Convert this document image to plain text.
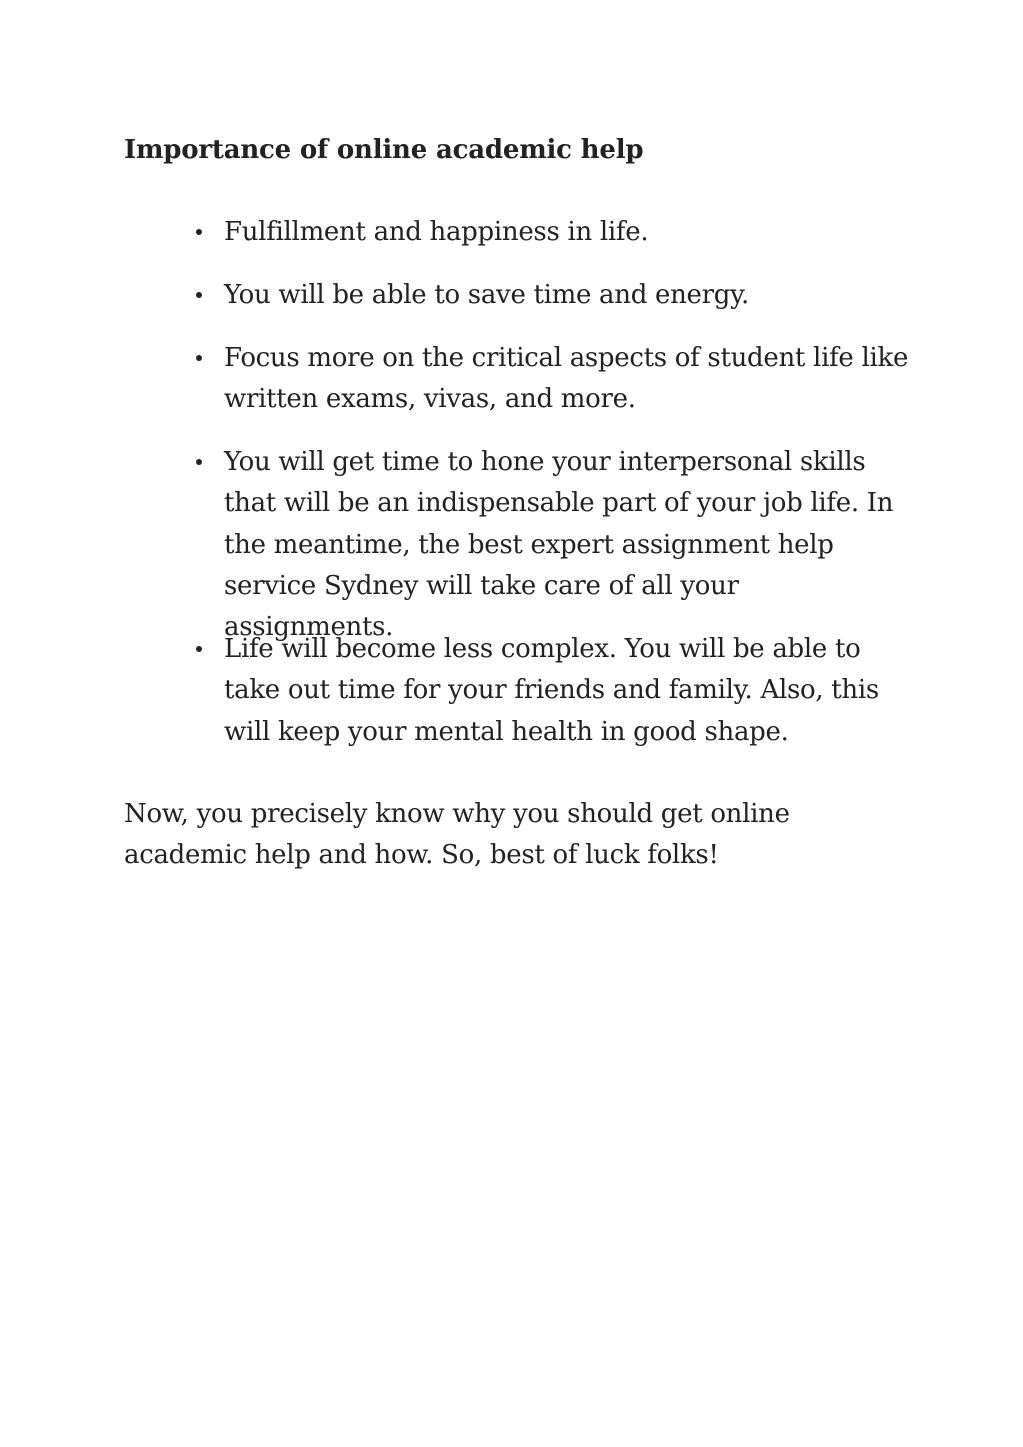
Importance of online academic help
Fulfillment and happiness in life.
You will be able to save time and energy.
Focus more on the critical aspects of student life like written exams, vivas, and more.
You will get time to hone your interpersonal skills that will be an indispensable part of your job life. In the meantime, the best expert assignment help service Sydney will take care of all your assignments.
Life will become less complex. You will be able to take out time for your friends and family. Also, this will keep your mental health in good shape.

Now, you precisely know why you should get online academic help and how. So, best of luck folks!
